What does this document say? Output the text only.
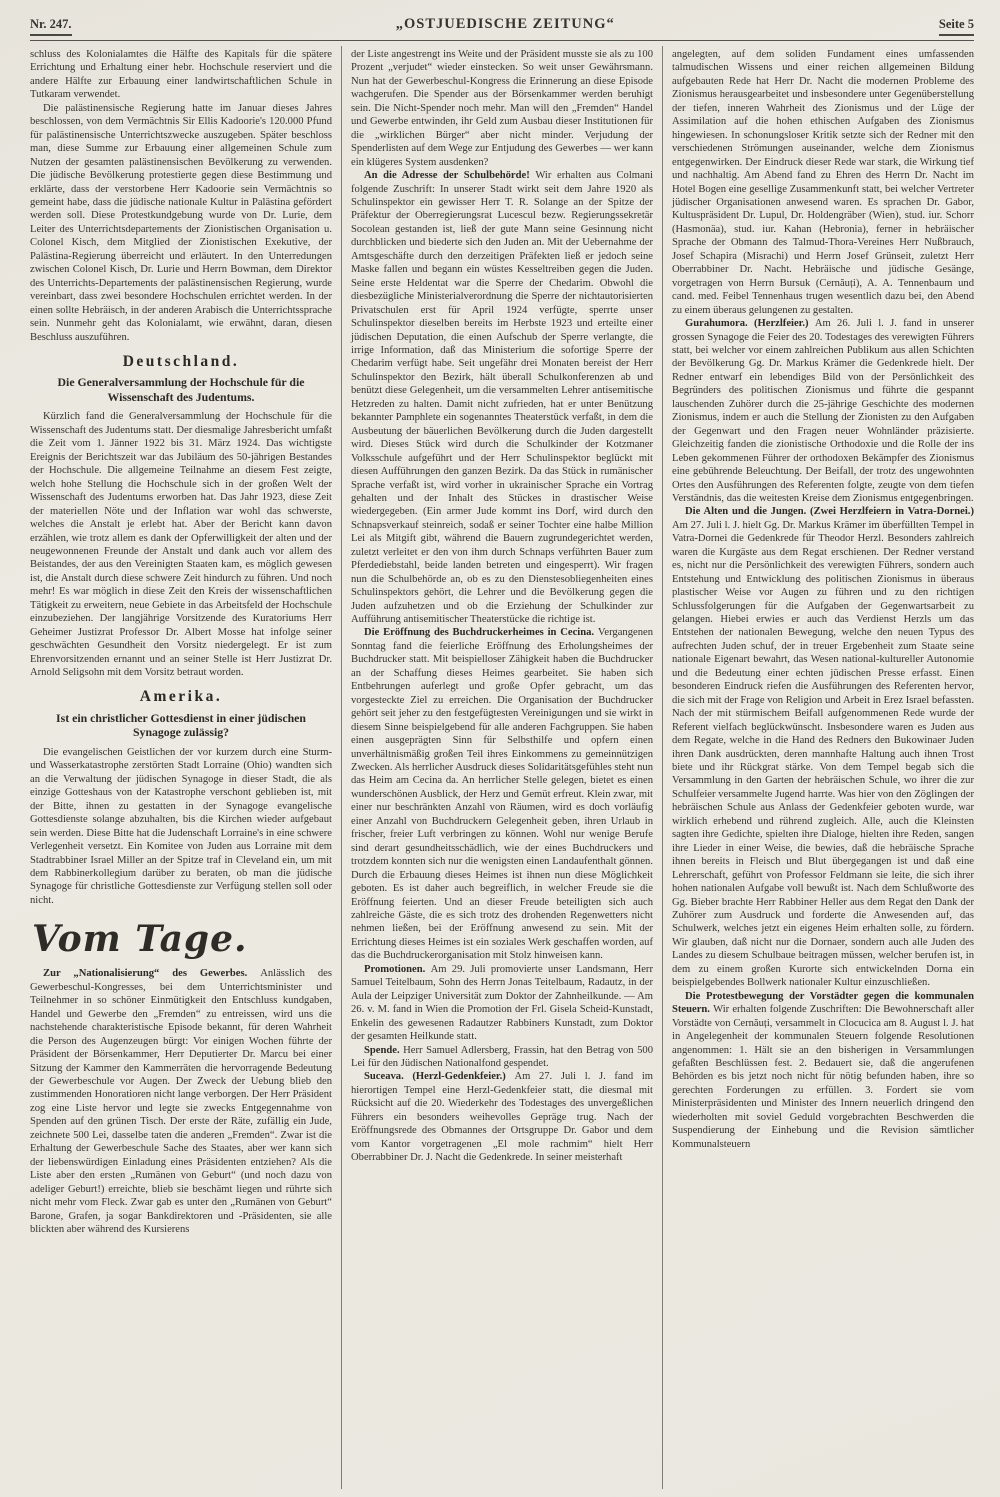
Nr. 247.	„OSTJUEDISCHE ZEITUNG“	Seite 5

schluss des Kolonialamtes die Hälfte des Kapitals für die spätere Errichtung und Erhaltung einer hebr. Hochschule reserviert und die andere Hälfte zur Erbauung einer landwirtschaftlichen Schule in Tutkaram verwendet.

Die palästinensische Regierung hatte im Januar dieses Jahres beschlossen, von dem Vermächtnis Sir Ellis Kadoorie's 120.000 Pfund für palästinensische Unterrichtszwecke auszugeben. Später beschloss man, diese Summe zur Erbauung einer allgemeinen Schule zum Nutzen der gesamten palästinensischen Bevölkerung zu verwenden. Die jüdische Bevölkerung protestierte gegen diese Bestimmung und erklärte, dass der verstorbene Herr Kadoorie sein Vermächtnis so gemeint habe, dass die jüdische nationale Kultur in Palästina gefördert werden soll. Diese Protestkundgebung wurde von Dr. Lurie, dem Leiter des Unterrichtsdepartements der Zionistischen Organisation u. Colonel Kisch, dem Mitglied der Zionistischen Exekutive, der Palästina-Regierung überreicht und erläutert. In den Unterredungen zwischen Colonel Kisch, Dr. Lurie und Herrn Bowman, dem Direktor des Unterrichts-Departements der palästinensischen Regierung, wurde vereinbart, dass zwei besondere Hochschulen errichtet werden. In der einen sollte Hebräisch, in der anderen Arabisch die Unterrichtssprache sein. Nunmehr geht das Kolonialamt, wie erwähnt, daran, diesen Beschluss auszuführen.

Deutschland.
Die Generalversammlung der Hochschule für die Wissenschaft des Judentums.

Kürzlich fand die Generalversammlung der Hochschule für die Wissenschaft des Judentums statt. Der diesmalige Jahresbericht umfaßt die Zeit vom 1. Jänner 1922 bis 31. März 1924. Das wichtigste Ereignis der Berichtszeit war das Jubiläum des 50-jährigen Bestandes der Hochschule. Die allgemeine Teilnahme an diesem Fest zeigte, welch hohe Stellung die Hochschule sich in der großen Welt der Wissenschaft des Judentums erworben hat. Das Jahr 1923, diese Zeit der materiellen Nöte und der Inflation war wohl das schwerste, welches die Anstalt je erlebt hat. Aber der Bericht kann davon erzählen, wie trotz allem es dank der Opferwilligkeit der alten und der neugewonnenen Freunde der Anstalt und dank auch vor allem des Beistandes, der aus den Vereinigten Staaten kam, es möglich gewesen ist, die Anstalt durch diese schwere Zeit hindurch zu führen. Und noch mehr! Es war möglich in diese Zeit den Kreis der wissenschaftlichen Tätigkeit zu erweitern, neue Gebiete in das Arbeitsfeld der Hochschule einzubeziehen. Der langjährige Vorsitzende des Kuratoriums Herr Geheimer Justizrat Professor Dr. Albert Mosse hat infolge seiner geschwächten Gesundheit den Vorsitz niedergelegt. Er ist zum Ehrenvorsitzenden ernannt und an seiner Stelle ist Herr Justizrat Dr. Arnold Seligsohn mit dem Vorsitz betraut worden.

Amerika.
Ist ein christlicher Gottesdienst in einer jüdischen Synagoge zulässig?

Die evangelischen Geistlichen der vor kurzem durch eine Sturm- und Wasserkatastrophe zerstörten Stadt Lorraine (Ohio) wandten sich an die Verwaltung der jüdischen Synagoge in dieser Stadt, die als einzige Gotteshaus von der Katastrophe verschont geblieben ist, mit der Bitte, ihnen zu gestatten in der Synagoge evangelische Gottesdienste solange abzuhalten, bis die Kirchen wieder aufgebaut sein werden. Diese Bitte hat die Judenschaft Lorraine's in eine schwere Verlegenheit versetzt. Ein Komitee von Juden aus Lorraine mit dem Stadtrabbiner Israel Miller an der Spitze traf in Cleveland ein, um mit dem Rabbinerkollegium darüber zu beraten, ob man die jüdische Synagoge für christliche Gottesdienste zur Verfügung stellen soll oder nicht.

Vom Tage.

Zur „Nationalisierung“ des Gewerbes. Anlässlich des Gewerbeschul-Kongresses, bei dem Unterrichtsminister und Teilnehmer in so schöner Einmütigkeit den Entschluss kundgaben, Handel und Gewerbe den „Fremden“ zu entreissen, wird uns die nachstehende charakteristische Episode bekannt, für deren Wahrheit die Person des Augenzeugen bürgt: Vor einigen Wochen führte der Präsident der Börsenkammer, Herr Deputierter Dr. Marcu bei einer Sitzung der Kammer den Kammerräten die hervorragende Bedeutung der Gewerbeschule vor Augen. Der Zweck der Uebung blieb den zustimmenden Honoratioren nicht lange verborgen. Der Herr Präsident zog eine Liste hervor und legte sie zwecks Entgegennahme von Spenden auf den grünen Tisch. Der erste der Räte, zufällig ein Jude, zeichnete 500 Lei, dasselbe taten die anderen „Fremden“. Zwar ist die Erhaltung der Gewerbeschule Sache des Staates, aber wer kann sich der liebenswürdigen Einladung eines Präsidenten entziehen? Als die Liste aber den ersten „Rumänen von Geburt“ (und noch dazu von adeliger Geburt!) erreichte, blieb sie beschämt liegen und rührte sich nicht mehr vom Fleck. Zwar gab es unter den „Rumänen von Geburt“ Barone, Grafen, ja sogar Bankdirektoren und -Präsidenten, sie alle blickten aber während des Kursierens

der Liste angestrengt ins Weite und der Präsident musste sie als zu 100 Prozent „verjudet“ wieder einstecken. So weit unser Gewährsmann. Nun hat der Gewerbeschul-Kongress die Erinnerung an diese Episode wachgerufen. Die Spender aus der Börsenkammer werden beruhigt sein. Die Nicht-Spender noch mehr. Man will den „Fremden“ Handel und Gewerbe entwinden, ihr Geld zum Ausbau dieser Institutionen für die „wirklichen Bürger“ aber nicht minder. Verjudung der Spenderlisten auf dem Wege zur Entjudung des Gewerbes — wer kann ein klügeres System ausdenken?

An die Adresse der Schulbehörde! Wir erhalten aus Colmani folgende Zuschrift: In unserer Stadt wirkt seit dem Jahre 1920 als Schulinspektor ein gewisser Herr T. R. Solange an der Spitze der Präfektur der Oberregierungsrat Lucescul bezw. Regierungssekretär Socolean gestanden ist, ließ der gute Mann seine Gesinnung nicht durchblicken und biederte sich den Juden an. Mit der Uebernahme der Amtsgeschäfte durch den derzeitigen Präfekten ließ er jedoch seine Maske fallen und begann ein wüstes Kesseltreiben gegen die Juden. Seine erste Heldentat war die Sperre der Chedarim. Obwohl die diesbezügliche Ministerialverordnung die Sperre der nichtautorisierten Privatschulen erst für April 1924 verfügte, sperrte unser Schulinspektor dieselben bereits im Herbste 1923 und erteilte einer jüdischen Deputation, die einen Aufschub der Sperre verlangte, die irrige Information, daß das Ministerium die sofortige Sperre der Chedarim verfügt habe. Seit ungefähr drei Monaten bereist der Herr Schulinspektor den Bezirk, hält überall Schulkonferenzen ab und benützt diese Gelegenheit, um die versammelten Lehrer antisemitische Hetzreden zu halten. Damit nicht zufrieden, hat er unter Benützung bekannter Pamphlete ein sogenanntes Theaterstück verfaßt, in dem die Ausbeutung der bäuerlichen Bevölkerung durch die Juden dargestellt wird. Dieses Stück wird durch die Schulkinder der Kotzmaner Volksschule aufgeführt und der Herr Schulinspektor beglückt mit diesen Aufführungen den ganzen Bezirk. Da das Stück in rumänischer Sprache verfaßt ist, wird vorher in ukrainischer Sprache ein Vortrag gehalten und der Inhalt des Stückes in drastischer Weise wiedergegeben. (Ein armer Jude kommt ins Dorf, wird durch den Schnapsverkauf steinreich, sodaß er seiner Tochter eine halbe Million Lei als Mitgift gibt, während die Bauern zugrundegerichtet werden, zuletzt verleitet er den von ihm durch Schnaps verführten Bauer zum Pferdediebstahl, beide landen betreten und eingesperrt). Wir fragen nun die Schulbehörde an, ob es zu den Dienstesobliegenheiten eines Schulinspektors gehört, die Lehrer und die Bevölkerung gegen die Juden aufzuhetzen und ob die Erziehung der Schulkinder zur Aufführung antisemitischer Theaterstücke die richtige ist.

Die Eröffnung des Buchdruckerheimes in Cecina. Vergangenen Sonntag fand die feierliche Eröffnung des Erholungsheimes der Buchdrucker statt. Mit beispielloser Zähigkeit haben die Buchdrucker an der Schaffung dieses Heimes gearbeitet. Sie haben sich Entbehrungen auferlegt und große Opfer gebracht, um das vorgesteckte Ziel zu erreichen. Die Organisation der Buchdrucker gehört seit jeher zu den festgefügtesten Vereinigungen und sie wirkt in diesem Sinne beispielgebend für alle anderen Fachgruppen. Sie haben einen ausgeprägten Sinn für Selbsthilfe und opfern einen unverhältnismäßig großen Teil ihres Einkommens zu gemeinnützigen Zwecken. Als herrlicher Ausdruck dieses Solidaritätsgefühles steht nun das Heim am Cecina da. An herrlicher Stelle gelegen, bietet es einen wunderschönen Ausblick, der Herz und Gemüt erfreut. Klein zwar, mit einer nur beschränkten Anzahl von Räumen, wird es doch vorläufig einer Anzahl von Buchdruckern Gelegenheit geben, ihren Urlaub in frischer, freier Luft verbringen zu können. Wohl nur wenige Berufe sind derart gesundheitsschädlich, wie der eines Buchdruckers und trotzdem konnten sich nur die wenigsten einen Landaufenthalt gönnen. Durch die Erbauung dieses Heimes ist ihnen nun diese Möglichkeit geboten. Es ist daher auch begreiflich, in welcher Freude sie die Eröffnung feierten. Und an dieser Freude beteiligten sich auch zahlreiche Gäste, die es sich trotz des drohenden Regenwetters nicht nehmen ließen, bei der Eröffnung anwesend zu sein. Mit der Errichtung dieses Heimes ist ein soziales Werk geschaffen worden, auf das die Buchdruckerorganisation mit Stolz hinweisen kann.

Promotionen. Am 29. Juli promovierte unser Landsmann, Herr Samuel Teitelbaum, Sohn des Herrn Jonas Teitelbaum, Radautz, in der Aula der Leipziger Universität zum Doktor der Zahnheilkunde. — Am 26. v. M. fand in Wien die Promotion der Frl. Gisela Scheid-Kunstadt, Enkelin des gewesenen Radautzer Rabbiners Kunstadt, zum Doktor der gesamten Heilkunde statt.

Spende. Herr Samuel Adlersberg, Frassin, hat den Betrag von 500 Lei für den Jüdischen Nationalfond gespendet.

Suceava. (Herzl-Gedenkfeier.) Am 27. Juli l. J. fand im hierortigen Tempel eine Herzl-Gedenkfeier statt, die diesmal mit Rücksicht auf die 20. Wiederkehr des Todestages des unvergeßlichen Führers ein besonders weihevolles Gepräge trug. Nach der Eröffnungsrede des Obmannes der Ortsgruppe Dr. Gabor und dem vom Kantor vorgetragenen „El mole rachmim“ hielt Herr Oberrabbiner Dr. J. Nacht die Gedenkrede. In seiner meisterhaft

angelegten, auf dem soliden Fundament eines umfassenden talmudischen Wissens und einer reichen allgemeinen Bildung aufgebauten Rede hat Herr Dr. Nacht die modernen Probleme des Zionismus herausgearbeitet und insbesondere unter Gegenüberstellung der tiefen, inneren Wahrheit des Zionismus und der Lüge der Assimilation auf die hohen ethischen Aufgaben des Zionismus hingewiesen. In schonungsloser Kritik setzte sich der Redner mit den verschiedenen Strömungen auseinander, welche dem Zionismus entgegenwirken. Der Eindruck dieser Rede war stark, die Wirkung tief und nachhaltig. Am Abend fand zu Ehren des Herrn Dr. Nacht im Hotel Bogen eine gesellige Zusammenkunft statt, bei welcher Vertreter jüdischer Organisationen anwesend waren. Es sprachen Dr. Gabor, Kultuspräsident Dr. Lupul, Dr. Holdengräber (Wien), stud. iur. Schorr (Hasmonäa), stud. iur. Kahan (Hebronia), ferner in hebräischer Sprache der Obmann des Talmud-Thora-Vereines Herr Nußbrauch, Josef Schapira (Misrachi) und Herrn Josef Grünseit, zuletzt Herr Oberrabbiner Dr. Nacht. Hebräische und jüdische Gesänge, vorgetragen von Herrn Bursuk (Cernăuți), A. A. Tennenbaum und cand. med. Feibel Tennenhaus trugen wesentlich dazu bei, den Abend zu einem überaus gelungenen zu gestalten.

Gurahumora. (Herzlfeier.) Am 26. Juli l. J. fand in unserer grossen Synagoge die Feier des 20. Todestages des verewigten Führers statt, bei welcher vor einem zahlreichen Publikum aus allen Schichten der Bevölkerung Gg. Dr. Markus Krämer die Gedenkrede hielt. Der Redner entwarf ein lebendiges Bild von der Persönlichkeit des Begründers des politischen Zionismus und führte die gespannt lauschenden Zuhörer durch die 25-jährige Geschichte des modernen Zionismus, indem er auch die Stellung der Zionisten zu den Aufgaben der Gegenwart und den Fragen neuer Wohnländer präzisierte. Gleichzeitig fanden die zionistische Orthodoxie und die Rolle der ins Leben gekommenen Führer der orthodoxen Bekämpfer des Zionismus eine gebührende Beleuchtung. Der Beifall, der trotz des ungewohnten Ortes den Ausführungen des Referenten folgte, zeugte von dem tiefen Verständnis, das die weitesten Kreise dem Zionismus entgegenbringen.

Die Alten und die Jungen. (Zwei Herzlfeiern in Vatra-Dornei.) Am 27. Juli l. J. hielt Gg. Dr. Markus Krämer im überfüllten Tempel in Vatra-Dornei die Gedenkrede für Theodor Herzl. Besonders zahlreich waren die Kurgäste aus dem Regat erschienen. Der Redner verstand es, nicht nur die Persönlichkeit des verewigten Führers, sondern auch Entstehung und Entwicklung des politischen Zionismus in überaus plastischer Weise vor Augen zu führen und zu den richtigen Schlussfolgerungen für die Aufgaben der Gegenwartsarbeit zu gelangen. Hiebei erwies er auch das Verdienst Herzls um das Entstehen der nationalen Bewegung, welche den neuen Typus des aufrechten Juden schuf, der in treuer Ergebenheit zum Staate seine nationale Eigenart bewahrt, das Wesen national-kultureller Autonomie und die Bedeutung einer echten jüdischen Presse erfasst. Einen besonderen Eindruck riefen die Ausführungen des Referenten hervor, die sich mit der Frage von Religion und Arbeit in Erez Israel befassten. Nach der mit stürmischem Beifall aufgenommenen Rede wurde der Referent vielfach beglückwünscht. Insbesondere waren es Juden aus dem Regate, welche in die Hand des Redners den Bukowinaer Juden ihren Dank ausdrückten, deren mannhafte Haltung auch ihnen Trost biete und ihr Rückgrat stärke. Von dem Tempel begab sich die Versammlung in den Garten der hebräischen Schule, wo ihrer die zur Schulfeier versammelte Jugend harrte. Was hier von den Zöglingen der hebräischen Schule aus Anlass der Gedenkfeier geboten wurde, war wirklich erhebend und rührend zugleich. Alle, auch die Kleinsten sagten ihre Gedichte, spielten ihre Dialoge, hielten ihre Reden, sangen ihre Lieder in einer Weise, die bewies, daß die hebräische Sprache ihnen bereits in Fleisch und Blut übergegangen ist und daß eine Lehrerschaft, geführt von Professor Feldmann sie leite, die sich ihrer hohen nationalen Aufgabe voll bewußt ist. Nach dem Schlußworte des Gg. Bieber brachte Herr Rabbiner Heller aus dem Regat den Dank der Zuhörer zum Ausdruck und forderte die Anwesenden auf, das Schulwerk, welches jetzt ein eigenes Heim erhalten solle, zu fördern. Wir glauben, daß nicht nur die Dornaer, sondern auch alle Juden des Landes zu diesem Schulbaue beitragen müssen, welcher berufen ist, in dem zu einem großen Kurorte sich entwickelnden Dorna ein beispielgebendes Bollwerk nationaler Kultur einzuschließen.

Die Protestbewegung der Vorstädter gegen die kommunalen Steuern. Wir erhalten folgende Zuschriften: Die Bewohnerschaft aller Vorstädte von Cernăuți, versammelt in Clocucica am 8. August l. J. hat in Angelegenheit der kommunalen Steuern folgende Resolutionen angenommen: 1. Hält sie an den bisherigen in Versammlungen gefaßten Beschlüssen fest. 2. Bedauert sie, daß die angerufenen Behörden es bis jetzt noch nicht für nötig befunden haben, ihre so gerechten Forderungen zu erfüllen. 3. Fordert sie vom Ministerpräsidenten und Minister des Innern neuerlich dringend den wiederholten mit soviel Geduld vorgebrachten Beschwerden die Suspendierung der Einhebung und die Revision sämtlicher Kommunalsteuern
